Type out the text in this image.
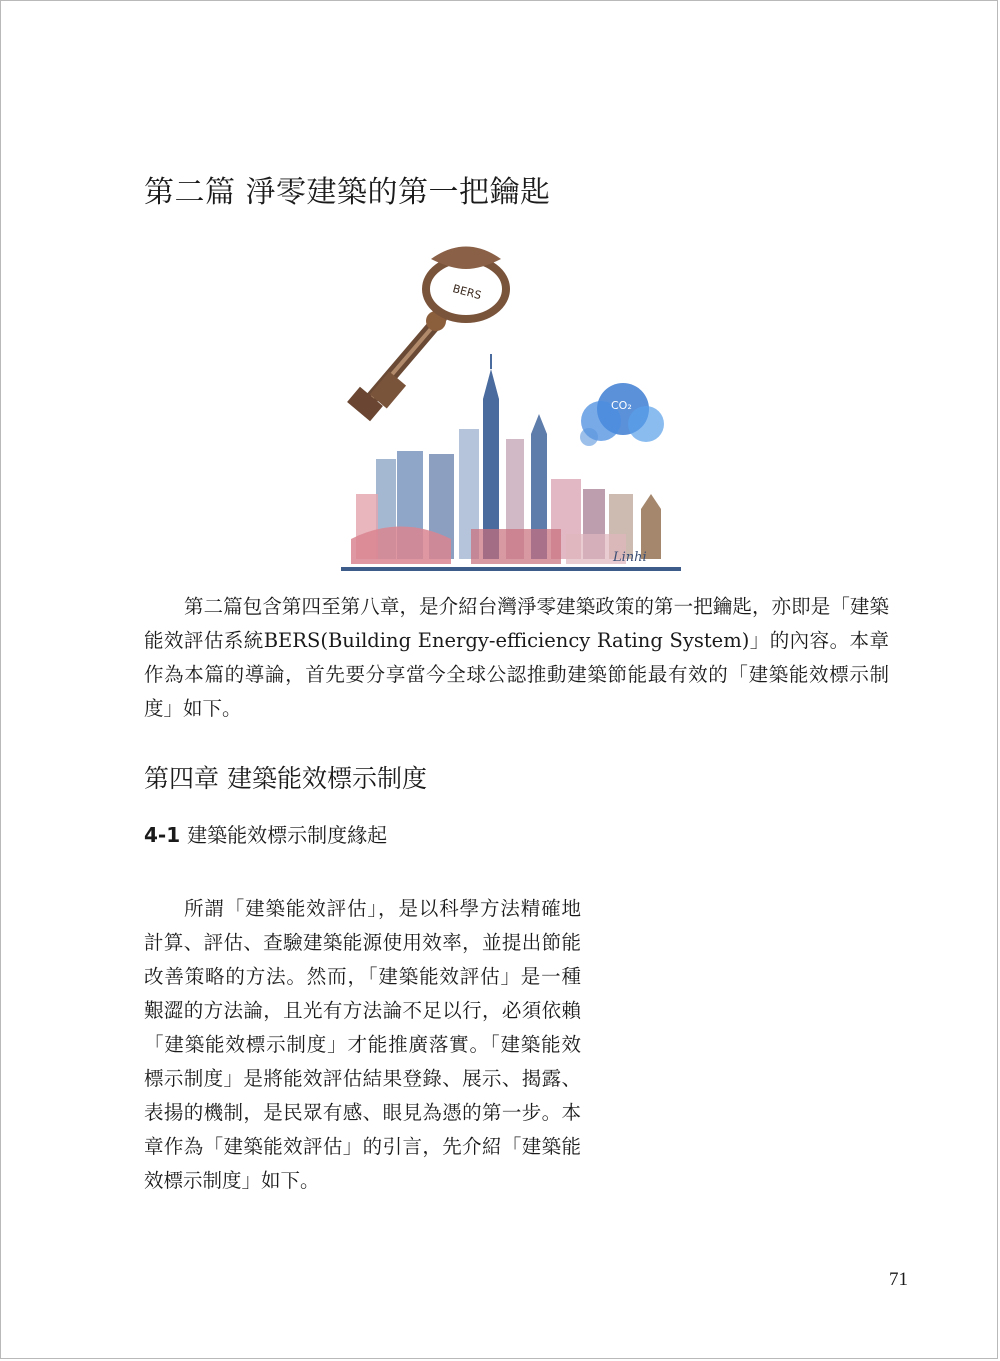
第二篇 淨零建築的第一把鑰匙
BERS
CO₂
Linhi

第二篇包含第四至第八章，是介紹台灣淨零建築政策的第一把鑰匙，亦即是「建築能效評估系統BERS(Building Energy-efficiency Rating System)」的內容。本章作為本篇的導論，首先要分享當今全球公認推動建築節能最有效的「建築能效標示制度」如下。

第四章 建築能效標示制度
4-1 建築能效標示制度緣起

所謂「建築能效評估」，是以科學方法精確地計算、評估、查驗建築能源使用效率，並提出節能改善策略的方法。然而，「建築能效評估」是一種艱澀的方法論，且光有方法論不足以行，必須依賴「建築能效標示制度」才能推廣落實。「建築能效標示制度」是將能效評估結果登錄、展示、揭露、表揚的機制，是民眾有感、眼見為憑的第一步。本章作為「建築能效評估」的引言，先介紹「建築能效標示制度」如下。

71
